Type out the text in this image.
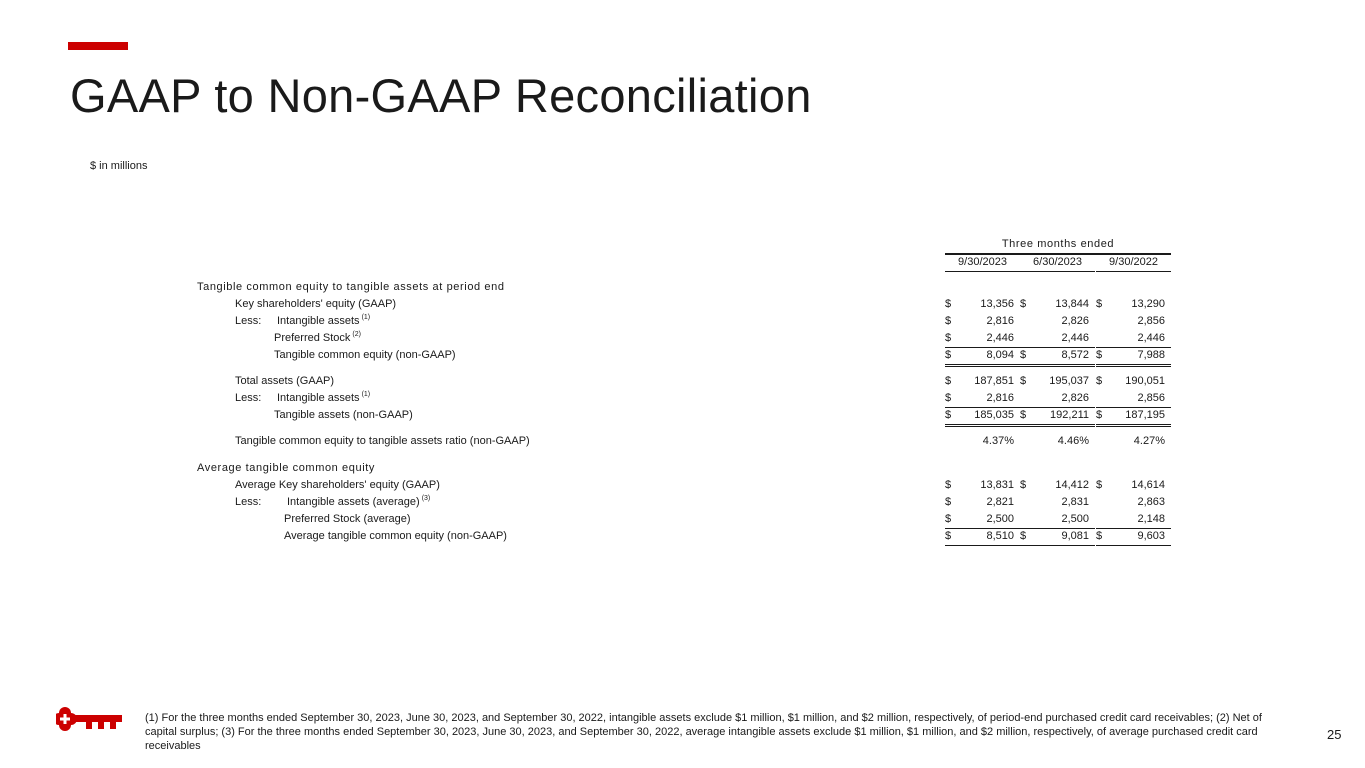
GAAP to Non-GAAP Reconciliation
$ in millions
Three months ended
9/30/2023	6/30/2023	9/30/2022
Tangible common equity to tangible assets at period end
Key shareholders' equity (GAAP)	$	13,356 $	13,844 $	13,290
Less: Intangible assets $^{(1)}$	$	2,816	2,826	2,856
Preferred Stock $^{(2)}$	$	2,446	2,446	2,446
Tangible common equity (non-GAAP)	$	8,094 $	8,572 $	7,988
Total assets (GAAP)	$ 187,851 $ 195,037 $ 190,051
Less: Intangible assets $^{(1)}$	$	2,816	2,826	2,856
Tangible assets (non-GAAP)	$ 185,035 $ 192,211 $ 187,195
Tangible common equity to tangible assets ratio (non-GAAP)	4.37%	4.46%	4.27%
Average tangible common equity
Average Key shareholders' equity (GAAP)	$	13,831 $	14,412 $	14,614
Less: Intangible assets (average) $^{(3)}$	$	2,821	2,831	2,863
Preferred Stock (average)	$	2,500	2,500	2,148
Average tangible common equity (non-GAAP)	$	8,510 $	9,081 $	9,603
(1) For the three months ended September 30, 2023, June 30, 2023, and September 30, 2022, intangible assets exclude $1 million, $1 million, and $2 million, respectively, of period-end purchased credit card receivables; (2) Net of capital surplus; (3) For the three months ended September 30, 2023, June 30, 2023, and September 30, 2022, average intangible assets exclude $1 million, $1 million, and $2 million, respectively, of average purchased credit card receivables
25
